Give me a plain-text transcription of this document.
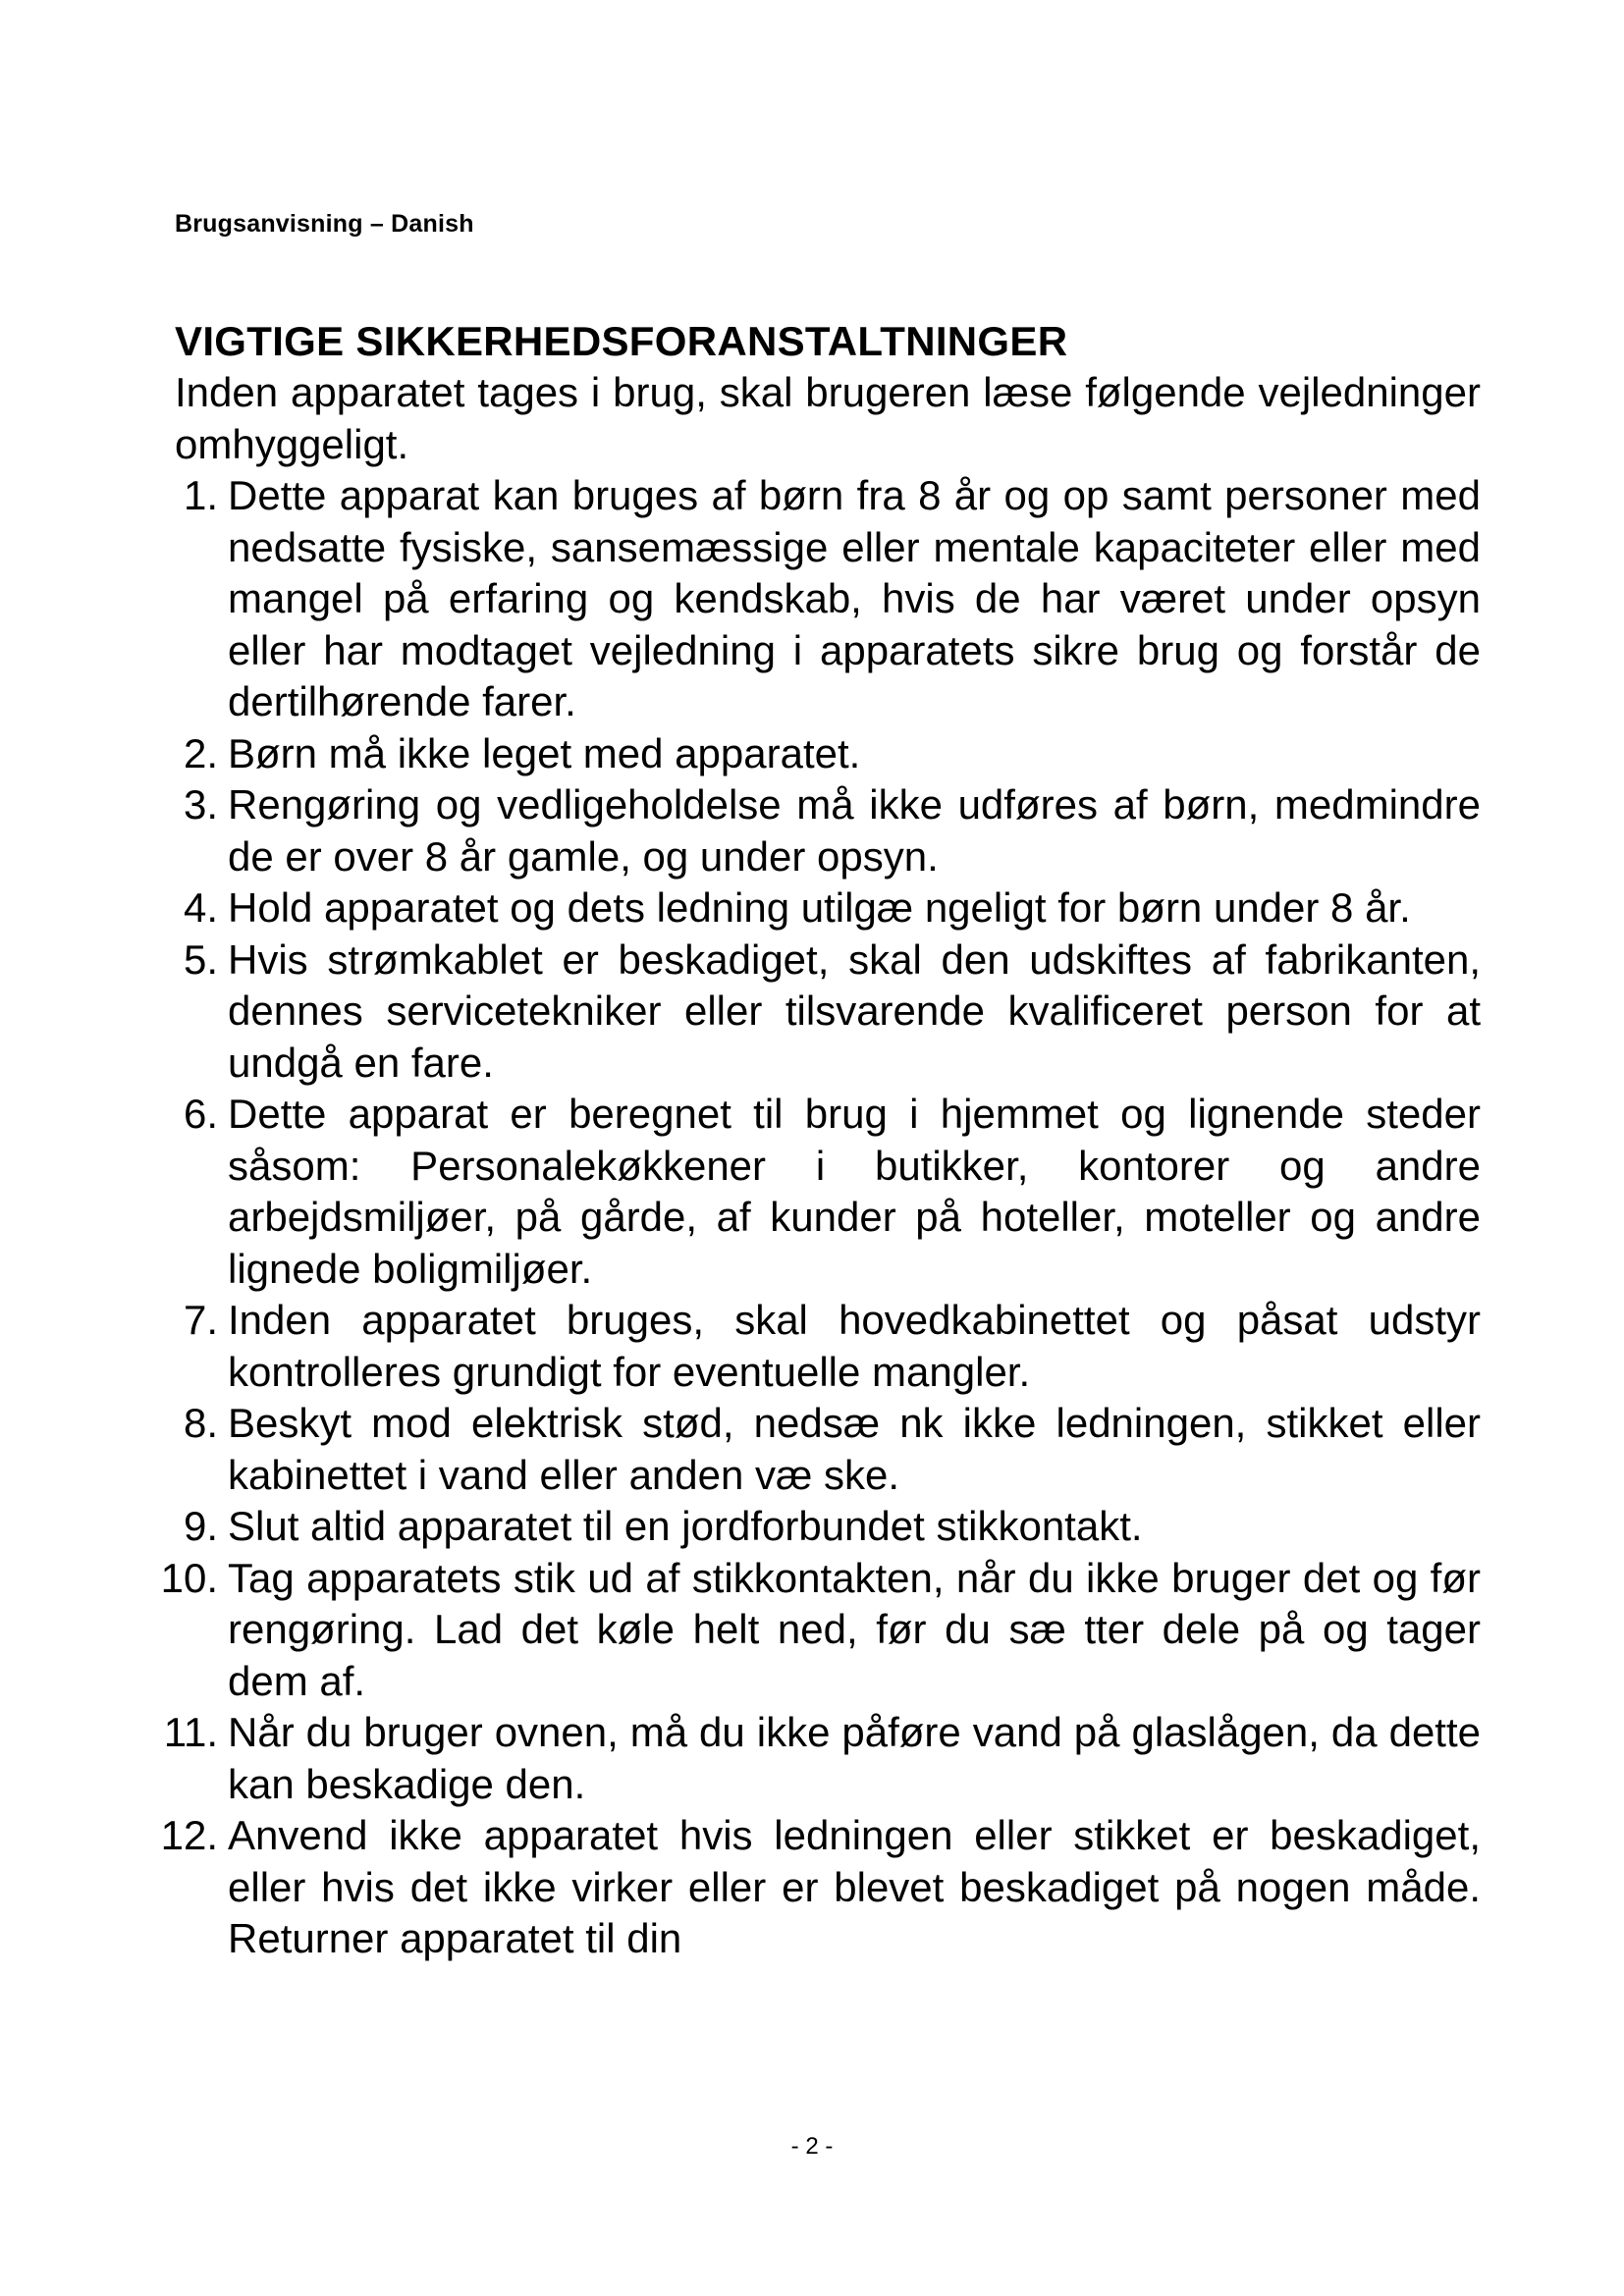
Brugsanvisning – Danish
VIGTIGE SIKKERHEDSFORANSTALTNINGER

Inden apparatet tages i brug, skal brugeren læse følgende vejledninger omhyggeligt.

1. Dette apparat kan bruges af børn fra 8 år og op samt personer med nedsatte fysiske, sansemæssige eller mentale kapaciteter eller med mangel på erfaring og kendskab, hvis de har været under opsyn eller har modtaget vejledning i apparatets sikre brug og forstår de dertilhørende farer.
2. Børn må ikke leget med apparatet.
3. Rengøring og vedligeholdelse må ikke udføres af børn, medmindre de er over 8 år gamle, og under opsyn.
4. Hold apparatet og dets ledning utilgæ ngeligt for børn under 8 år.
5. Hvis strømkablet er beskadiget, skal den udskiftes af fabrikanten, dennes servicetekniker eller tilsvarende kvalificeret person for at undgå en fare.
6. Dette apparat er beregnet til brug i hjemmet og lignende steder såsom: Personalekøkkener i butikker, kontorer og andre arbejdsmiljøer, på gårde, af kunder på hoteller, moteller og andre lignede boligmiljøer.
7. Inden apparatet bruges, skal hovedkabinettet og påsat udstyr kontrolleres grundigt for eventuelle mangler.
8. Beskyt mod elektrisk stød, nedsæ nk ikke ledningen, stikket eller kabinettet i vand eller anden væ ske.
9. Slut altid apparatet til en jordforbundet stikkontakt.
10. Tag apparatets stik ud af stikkontakten, når du ikke bruger det og før rengøring. Lad det køle helt ned, før du sæ tter dele på og tager dem af.
11. Når du bruger ovnen, må du ikke påføre vand på glaslågen, da dette kan beskadige den.
12. Anvend ikke apparatet hvis ledningen eller stikket er beskadiget, eller hvis det ikke virker eller er blevet beskadiget på nogen måde. Returner apparatet til din
- 2 -
